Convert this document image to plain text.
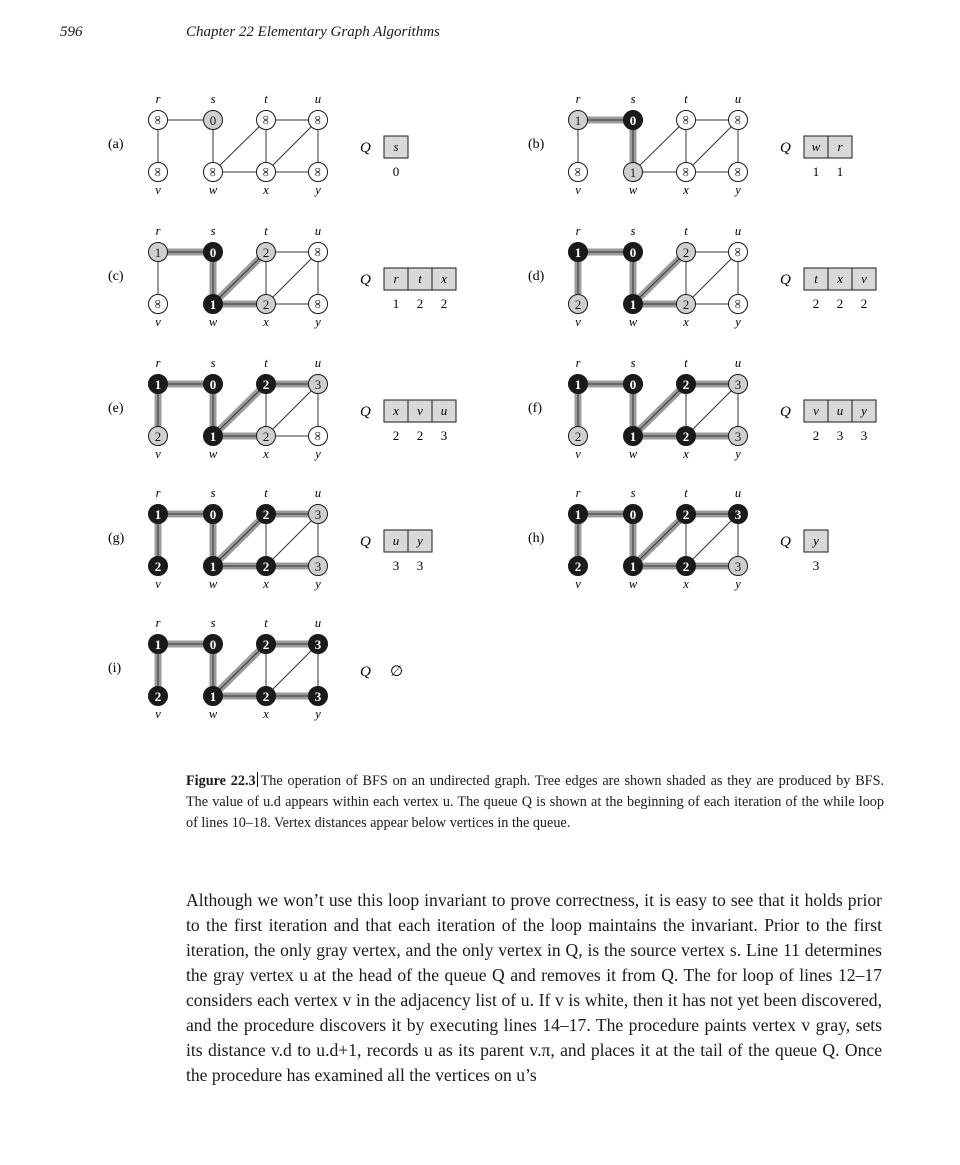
596	Chapter 22 Elementary Graph Algorithms
(a)
∞
r
0
s
∞
t
∞
u
∞
v
∞
w
∞
x
∞
y
Q s
0
(b)
1
r
0
s
∞
t
∞
u
∞
v
1
w
∞
x
∞
y
Q w
1
r
1
(c)
1
r
0
s
2
t
∞
u
∞
v
1
w
2
x
∞
y
Q r
1
t
2
x
2
(d)
1
r
0
s
2
t
∞
u
2
v
1
w
2
x
∞
y
Q t
2
x
2
v
2
(e)
1
r
0
s
2
t
3
u
2
v
1
w
2
x
∞
y
Q x
2
v
2
u
3
(f)
1
r
0
s
2
t
3
u
2
v
1
w
2
x
3
y
Q v
2
u
3
y
3
(g)
1
r
0
s
2
t
3
u
2
v
1
w
2
x
3
y
Q u
3
y
3
(h)
1
r
0
s
2
t
3
u
2
v
1
w
2
x
3
y
Q y
3
(i)
1
r
0
s
2
t
3
u
2
v
1
w
2
x
3
y
Q ∅
Figure 22.3 The operation of BFS on an undirected graph. Tree edges are shown shaded as they are produced by BFS. The value of u.d appears within each vertex u. The queue Q is shown at the beginning of each iteration of the while loop of lines 10–18. Vertex distances appear below vertices in the queue.

Although we won’t use this loop invariant to prove correctness, it is easy to see that it holds prior to the first iteration and that each iteration of the loop maintains the invariant. Prior to the first iteration, the only gray vertex, and the only vertex in Q, is the source vertex s. Line 11 determines the gray vertex u at the head of the queue Q and removes it from Q. The for loop of lines 12–17 considers each vertex v in the adjacency list of u. If v is white, then it has not yet been discovered, and the procedure discovers it by executing lines 14–17. The procedure paints vertex v gray, sets its distance v.d to u.d+1, records u as its parent v.π, and places it at the tail of the queue Q. Once the procedure has examined all the vertices on u’s
